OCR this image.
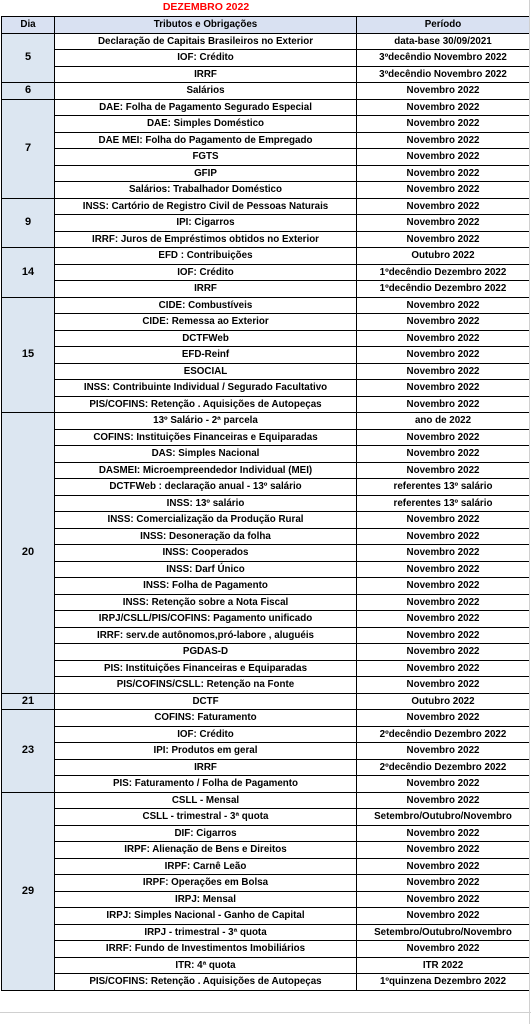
DEZEMBRO 2022
Dia	Tributos e Obrigações	Período
5	Declaração de Capitais Brasileiros no Exterior	data-base 30/09/2021
	IOF: Crédito	3ºdecêndio Novembro 2022
	IRRF	3ºdecêndio Novembro 2022
6	Salários	Novembro 2022
7	DAE: Folha de Pagamento Segurado Especial	Novembro 2022
	DAE: Simples Doméstico	Novembro 2022
	DAE MEI: Folha do Pagamento de Empregado	Novembro 2022
	FGTS	Novembro 2022
	GFIP	Novembro 2022
	Salários: Trabalhador Doméstico	Novembro 2022
9	INSS: Cartório de Registro Civil de Pessoas Naturais	Novembro 2022
	IPI: Cigarros	Novembro 2022
	IRRF: Juros de Empréstimos obtidos no Exterior	Novembro 2022
14	EFD : Contribuições	Outubro 2022
	IOF: Crédito	1ºdecêndio Dezembro 2022
	IRRF	1ºdecêndio Dezembro 2022
15	CIDE: Combustíveis	Novembro 2022
	CIDE: Remessa ao Exterior	Novembro 2022
	DCTFWeb	Novembro 2022
	EFD-Reinf	Novembro 2022
	ESOCIAL	Novembro 2022
	INSS: Contribuinte Individual / Segurado Facultativo	Novembro 2022
	PIS/COFINS: Retenção . Aquisições de Autopeças	Novembro 2022
20	13º Salário - 2ª parcela	ano de 2022
	COFINS: Instituições Financeiras e Equiparadas	Novembro 2022
	DAS: Simples Nacional	Novembro 2022
	DASMEI: Microempreendedor Individual (MEI)	Novembro 2022
	DCTFWeb : declaração anual - 13º salário	referentes 13º salário
	INSS: 13º salário	referentes 13º salário
	INSS: Comercialização da Produção Rural	Novembro 2022
	INSS: Desoneração da folha	Novembro 2022
	INSS: Cooperados	Novembro 2022
	INSS: Darf Único	Novembro 2022
	INSS: Folha de Pagamento	Novembro 2022
	INSS: Retenção sobre a Nota Fiscal	Novembro 2022
	IRPJ/CSLL/PIS/COFINS: Pagamento unificado	Novembro 2022
	IRRF: serv.de autônomos,pró-labore , aluguéis	Novembro 2022
	PGDAS-D	Novembro 2022
	PIS: Instituições Financeiras e Equiparadas	Novembro 2022
	PIS/COFINS/CSLL: Retenção na Fonte	Novembro 2022
21	DCTF	Outubro 2022
23	COFINS: Faturamento	Novembro 2022
	IOF: Crédito	2ºdecêndio Dezembro 2022
	IPI: Produtos em geral	Novembro 2022
	IRRF	2ºdecêndio Dezembro 2022
	PIS: Faturamento / Folha de Pagamento	Novembro 2022
29	CSLL - Mensal	Novembro 2022
	CSLL - trimestral - 3ª quota	Setembro/Outubro/Novembro
	DIF: Cigarros	Novembro 2022
	IRPF: Alienação de Bens e Direitos	Novembro 2022
	IRPF: Carnê Leão	Novembro 2022
	IRPF: Operações em Bolsa	Novembro 2022
	IRPJ: Mensal	Novembro 2022
	IRPJ: Simples Nacional - Ganho de Capital	Novembro 2022
	IRPJ - trimestral - 3ª quota	Setembro/Outubro/Novembro
	IRRF: Fundo de Investimentos Imobiliários	Novembro 2022
	ITR: 4ª quota	ITR 2022
	PIS/COFINS: Retenção . Aquisições de Autopeças	1ºquinzena Dezembro 2022
